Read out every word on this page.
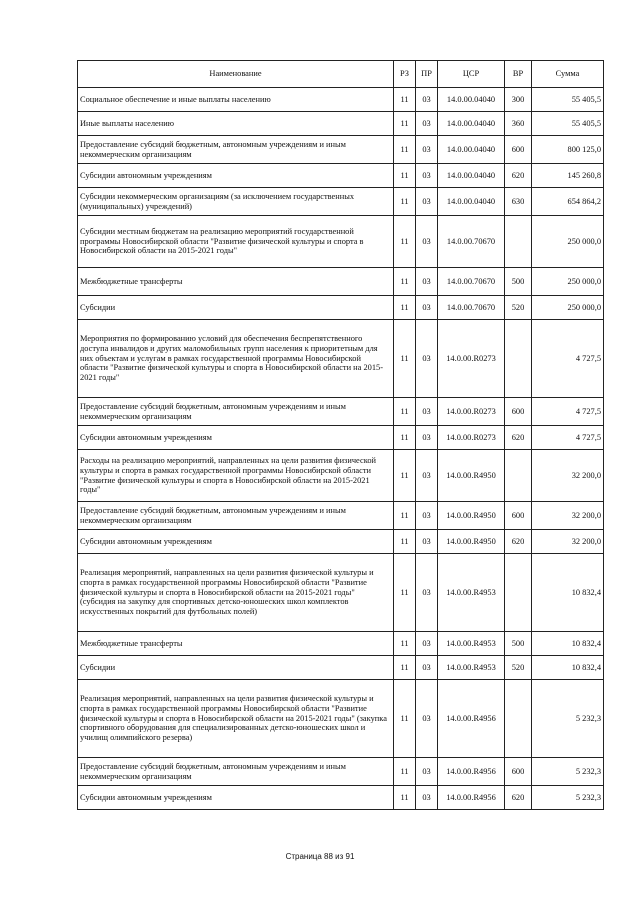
Наименование	РЗ	ПР	ЦСР	ВР	Сумма
Социальное обеспечение и иные выплаты населению	11	03	14.0.00.04040	300	55 405,5
Иные выплаты населению	11	03	14.0.00.04040	360	55 405,5
Предоставление субсидий бюджетным, автономным учреждениям и иным некоммерческим организациям	11	03	14.0.00.04040	600	800 125,0
Субсидии автономным учреждениям	11	03	14.0.00.04040	620	145 260,8
Субсидии некоммерческим организациям (за исключением государственных (муниципальных) учреждений)	11	03	14.0.00.04040	630	654 864,2
Субсидии местным бюджетам на реализацию мероприятий государственной программы Новосибирской области "Развитие физической культуры и спорта в Новосибирской области на 2015-2021 годы"	11	03	14.0.00.70670		250 000,0
Межбюджетные трансферты	11	03	14.0.00.70670	500	250 000,0
Субсидии	11	03	14.0.00.70670	520	250 000,0
Мероприятия по формированию условий для обеспечения беспрепятственного доступа инвалидов и других маломобильных групп населения к приоритетным для них объектам и услугам в рамках государственной программы Новосибирской области "Развитие физической культуры и спорта в Новосибирской области на 2015-2021 годы"	11	03	14.0.00.R0273		4 727,5
Предоставление субсидий бюджетным, автономным учреждениям и иным некоммерческим организациям	11	03	14.0.00.R0273	600	4 727,5
Субсидии автономным учреждениям	11	03	14.0.00.R0273	620	4 727,5
Расходы на реализацию мероприятий, направленных на цели развития физической культуры и спорта в рамках государственной программы Новосибирской области "Развитие физической культуры и спорта в Новосибирской области на 2015-2021 годы"	11	03	14.0.00.R4950		32 200,0
Предоставление субсидий бюджетным, автономным учреждениям и иным некоммерческим организациям	11	03	14.0.00.R4950	600	32 200,0
Субсидии автономным учреждениям	11	03	14.0.00.R4950	620	32 200,0
Реализация мероприятий, направленных на цели развития физической культуры и спорта в рамках государственной программы Новосибирской области "Развитие физической культуры и спорта в Новосибирской области на 2015-2021 годы" (субсидия на закупку для спортивных детско-юношеских школ комплектов искусственных покрытий для футбольных полей)	11	03	14.0.00.R4953		10 832,4
Межбюджетные трансферты	11	03	14.0.00.R4953	500	10 832,4
Субсидии	11	03	14.0.00.R4953	520	10 832,4
Реализация мероприятий, направленных на цели развития физической культуры и спорта в рамках государственной программы Новосибирской области "Развитие физической культуры и спорта в Новосибирской области на 2015-2021 годы" (закупка спортивного оборудования для специализированных детско-юношеских школ и училищ олимпийского резерва)	11	03	14.0.00.R4956		5 232,3
Предоставление субсидий бюджетным, автономным учреждениям и иным некоммерческим организациям	11	03	14.0.00.R4956	600	5 232,3
Субсидии автономным учреждениям	11	03	14.0.00.R4956	620	5 232,3
Страница 88 из 91
